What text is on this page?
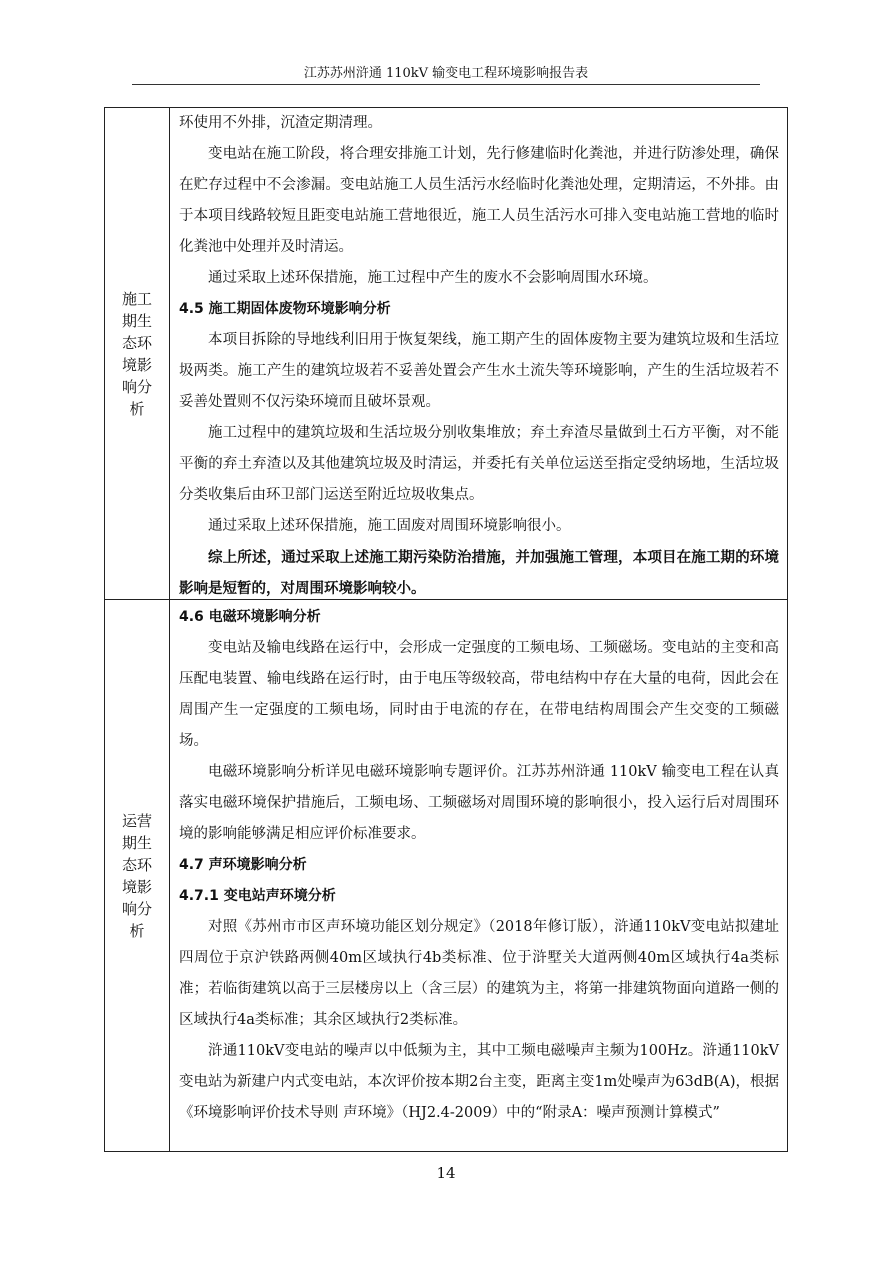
江苏苏州浒通 110kV 输变电工程环境影响报告表
施工期生态环境影响分析

环使用不外排，沉渣定期清理。

变电站在施工阶段，将合理安排施工计划，先行修建临时化粪池，并进行防渗处理，确保在贮存过程中不会渗漏。变电站施工人员生活污水经临时化粪池处理，定期清运，不外排。由于本项目线路较短且距变电站施工营地很近，施工人员生活污水可排入变电站施工营地的临时化粪池中处理并及时清运。

通过采取上述环保措施，施工过程中产生的废水不会影响周围水环境。

4.5 施工期固体废物环境影响分析

本项目拆除的导地线利旧用于恢复架线，施工期产生的固体废物主要为建筑垃圾和生活垃圾两类。施工产生的建筑垃圾若不妥善处置会产生水土流失等环境影响，产生的生活垃圾若不妥善处置则不仅污染环境而且破坏景观。

施工过程中的建筑垃圾和生活垃圾分别收集堆放；弃土弃渣尽量做到土石方平衡，对不能平衡的弃土弃渣以及其他建筑垃圾及时清运，并委托有关单位运送至指定受纳场地，生活垃圾分类收集后由环卫部门运送至附近垃圾收集点。

通过采取上述环保措施，施工固废对周围环境影响很小。

综上所述，通过采取上述施工期污染防治措施，并加强施工管理，本项目在施工期的环境影响是短暂的，对周围环境影响较小。

运营期生态环境影响分析

4.6 电磁环境影响分析

变电站及输电线路在运行中，会形成一定强度的工频电场、工频磁场。变电站的主变和高压配电装置、输电线路在运行时，由于电压等级较高，带电结构中存在大量的电荷，因此会在周围产生一定强度的工频电场，同时由于电流的存在，在带电结构周围会产生交变的工频磁场。

电磁环境影响分析详见电磁环境影响专题评价。江苏苏州浒通 110kV 输变电工程在认真落实电磁环境保护措施后，工频电场、工频磁场对周围环境的影响很小，投入运行后对周围环境的影响能够满足相应评价标准要求。

4.7 声环境影响分析

4.7.1 变电站声环境分析

对照《苏州市市区声环境功能区划分规定》（2018年修订版），浒通110kV变电站拟建址四周位于京沪铁路两侧40m区域执行4b类标准、位于浒墅关大道两侧40m区域执行4a类标准；若临街建筑以高于三层楼房以上（含三层）的建筑为主，将第一排建筑物面向道路一侧的区域执行4a类标准；其余区域执行2类标准。

浒通110kV变电站的噪声以中低频为主，其中工频电磁噪声主频为100Hz。浒通110kV变电站为新建户内式变电站，本次评价按本期2台主变，距离主变1m处噪声为63dB(A)，根据《环境影响评价技术导则 声环境》（HJ2.4-2009）中的“附录A：噪声预测计算模式”

14
